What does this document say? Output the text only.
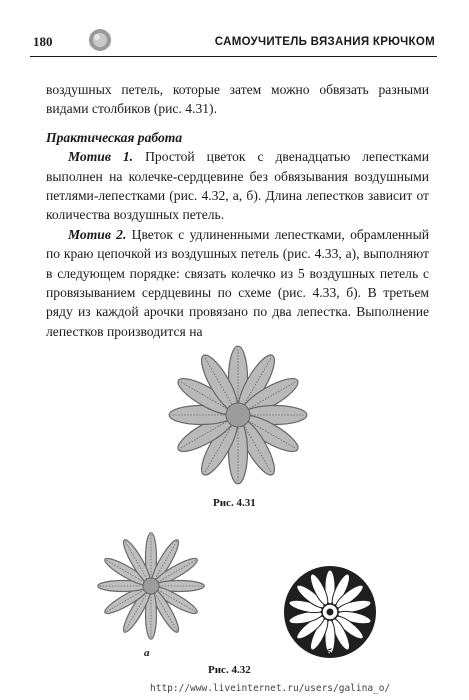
180	САМОУЧИТЕЛЬ ВЯЗАНИЯ КРЮЧКОМ

воздушных петель, которые затем можно обвязать разными видами столбиков (рис. 4.31).

Практическая работа

Мотив 1. Простой цветок с двенадцатью лепестками выполнен на колечке-сердцевине без обвязывания воздушными петлями-лепестками (рис. 4.32, а, б). Длина лепестков зависит от количества воздушных петель.

Мотив 2. Цветок с удлиненными лепестками, обрамленный по краю цепочкой из воздушных петель (рис. 4.33, а), выполняют в следующем порядке: связать колечко из 5 воздушных петель с провязыванием сердцевины по схеме (рис. 4.33, б). В третьем ряду из каждой арочки провязано по два лепестка. Выполнение лепестков производится на

Рис. 4.31
а	б
Рис. 4.32
http://www.liveinternet.ru/users/galina_o/
